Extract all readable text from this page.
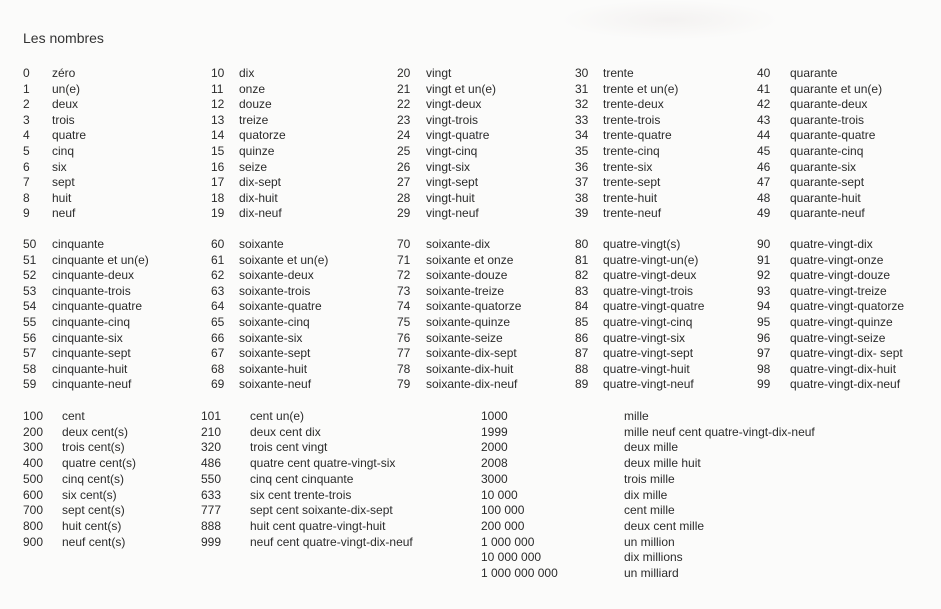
Les nombres
0 zéro
1 un(e)
2 deux
3 trois
4 quatre
5 cinq
6 six
7 sept
8 huit
9 neuf
10 dix
11 onze
12 douze
13 treize
14 quatorze
15 quinze
16 seize
17 dix-sept
18 dix-huit
19 dix-neuf
20 vingt
21 vingt et un(e)
22 vingt-deux
23 vingt-trois
24 vingt-quatre
25 vingt-cinq
26 vingt-six
27 vingt-sept
28 vingt-huit
29 vingt-neuf
30 trente
31 trente et un(e)
32 trente-deux
33 trente-trois
34 trente-quatre
35 trente-cinq
36 trente-six
37 trente-sept
38 trente-huit
39 trente-neuf
40 quarante
41 quarante et un(e)
42 quarante-deux
43 quarante-trois
44 quarante-quatre
45 quarante-cinq
46 quarante-six
47 quarante-sept
48 quarante-huit
49 quarante-neuf
50 cinquante
51 cinquante et un(e)
52 cinquante-deux
53 cinquante-trois
54 cinquante-quatre
55 cinquante-cinq
56 cinquante-six
57 cinquante-sept
58 cinquante-huit
59 cinquante-neuf
60 soixante
61 soixante et un(e)
62 soixante-deux
63 soixante-trois
64 soixante-quatre
65 soixante-cinq
66 soixante-six
67 soixante-sept
68 soixante-huit
69 soixante-neuf
70 soixante-dix
71 soixante et onze
72 soixante-douze
73 soixante-treize
74 soixante-quatorze
75 soixante-quinze
76 soixante-seize
77 soixante-dix-sept
78 soixante-dix-huit
79 soixante-dix-neuf
80 quatre-vingt(s)
81 quatre-vingt-un(e)
82 quatre-vingt-deux
83 quatre-vingt-trois
84 quatre-vingt-quatre
85 quatre-vingt-cinq
86 quatre-vingt-six
87 quatre-vingt-sept
88 quatre-vingt-huit
89 quatre-vingt-neuf
90 quatre-vingt-dix
91 quatre-vingt-onze
92 quatre-vingt-douze
93 quatre-vingt-treize
94 quatre-vingt-quatorze
95 quatre-vingt-quinze
96 quatre-vingt-seize
97 quatre-vingt-dix- sept
98 quatre-vingt-dix-huit
99 quatre-vingt-dix-neuf
100 cent
200 deux cent(s)
300 trois cent(s)
400 quatre cent(s)
500 cinq cent(s)
600 six cent(s)
700 sept cent(s)
800 huit cent(s)
900 neuf cent(s)
101 cent un(e)
210 deux cent dix
320 trois cent vingt
486 quatre cent quatre-vingt-six
550 cinq cent cinquante
633 six cent trente-trois
777 sept cent soixante-dix-sept
888 huit cent quatre-vingt-huit
999 neuf cent quatre-vingt-dix-neuf
1000	mille
1999	mille neuf cent quatre-vingt-dix-neuf
2000	deux mille
2008	deux mille huit
3000	trois mille
10 000	dix mille
100 000	cent mille
200 000	deux cent mille
1 000 000	un million
10 000 000	dix millions
1 000 000 000	un milliard
